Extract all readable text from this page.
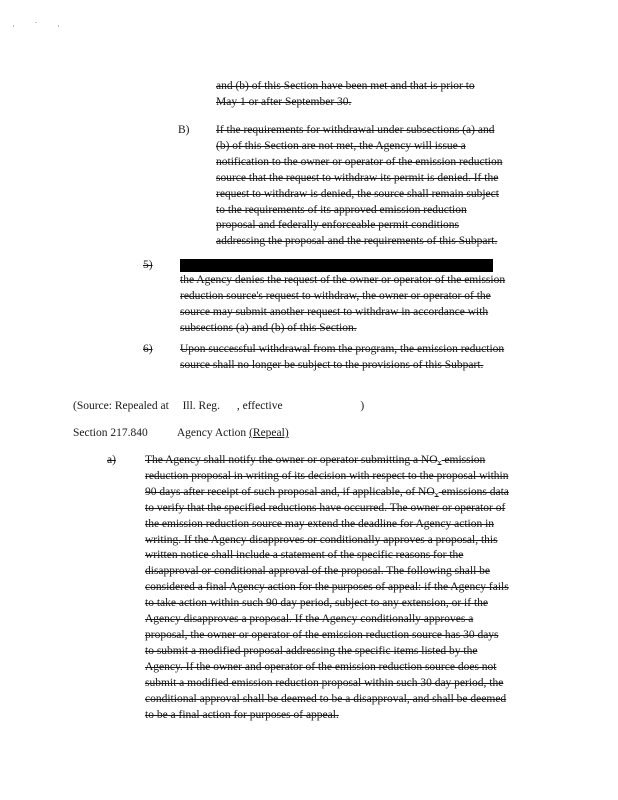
· ˙ ·
and (b) of this Section have been met and that is prior to May 1 or after September 30.
B) If the requirements for withdrawal under subsections (a) and (b) of this Section are not met, the Agency will issue a notification to the owner or operator of the emission reduction source that the request to withdraw its permit is denied. If the request to withdraw is denied, the source shall remain subject to the requirements of its approved emission reduction proposal and federally enforceable permit conditions addressing the proposal and the requirements of this Subpart.
5)
the Agency denies the request of the owner or operator of the emission reduction source's request to withdraw, the owner or operator of the source may submit another request to withdraw in accordance with subsections (a) and (b) of this Section.
6)	Upon successful withdrawal from the program, the emission reduction source shall no longer be subject to the provisions of this Subpart.
(Source: Repealed at Ill. Reg. , effective	)
Section 217.840	Agency Action (Repeal)
a)	The Agency shall notify the owner or operator submitting a $NO_x$ emission reduction proposal in writing of its decision with respect to the proposal within 90 days after receipt of such proposal and, if applicable, of $NO_x$ emissions data to verify that the specified reductions have occurred. The owner or operator of the emission reduction source may extend the deadline for Agency action in writing. If the Agency disapproves or conditionally approves a proposal, this written notice shall include a statement of the specific reasons for the disapproval or conditional approval of the proposal. The following shall be considered a final Agency action for the purposes of appeal: if the Agency fails to take action within such 90 day period, subject to any extension, or if the Agency disapproves a proposal. If the Agency conditionally approves a proposal, the owner or operator of the emission reduction source has 30 days to submit a modified proposal addressing the specific items listed by the Agency. If the owner and operator of the emission reduction source does not submit a modified emission reduction proposal within such 30 day period, the conditional approval shall be deemed to be a disapproval, and shall be deemed to be a final action for purposes of appeal.
